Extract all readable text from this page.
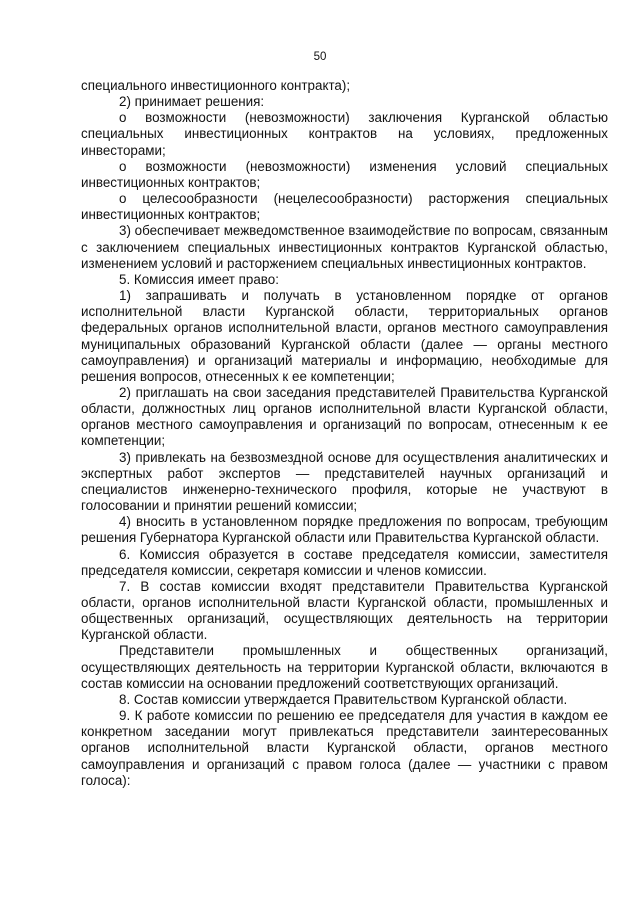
50

специального инвестиционного контракта);

2) принимает решения:

о возможности (невозможности) заключения Курганской областью специальных инвестиционных контрактов на условиях, предложенных инвесторами;

о возможности (невозможности) изменения условий специальных инвестиционных контрактов;

о целесообразности (нецелесообразности) расторжения специальных инвестиционных контрактов;

3) обеспечивает межведомственное взаимодействие по вопросам, связанным с заключением специальных инвестиционных контрактов Курганской областью, изменением условий и расторжением специальных инвестиционных контрактов.

5. Комиссия имеет право:

1) запрашивать и получать в установленном порядке от органов исполнительной власти Курганской области, территориальных органов федеральных органов исполнительной власти, органов местного самоуправления муниципальных образований Курганской области (далее — органы местного самоуправления) и организаций материалы и информацию, необходимые для решения вопросов, отнесенных к ее компетенции;

2) приглашать на свои заседания представителей Правительства Курганской области, должностных лиц органов исполнительной власти Курганской области, органов местного самоуправления и организаций по вопросам, отнесенным к ее компетенции;

3) привлекать на безвозмездной основе для осуществления аналитических и экспертных работ экспертов — представителей научных организаций и специалистов инженерно-технического профиля, которые не участвуют в голосовании и принятии решений комиссии;

4) вносить в установленном порядке предложения по вопросам, требующим решения Губернатора Курганской области или Правительства Курганской области.

6. Комиссия образуется в составе председателя комиссии, заместителя председателя комиссии, секретаря комиссии и членов комиссии.

7. В состав комиссии входят представители Правительства Курганской области, органов исполнительной власти Курганской области, промышленных и общественных организаций, осуществляющих деятельность на территории Курганской области.

Представители промышленных и общественных организаций, осуществляющих деятельность на территории Курганской области, включаются в состав комиссии на основании предложений соответствующих организаций.

8. Состав комиссии утверждается Правительством Курганской области.

9. К работе комиссии по решению ее председателя для участия в каждом ее конкретном заседании могут привлекаться представители заинтересованных органов исполнительной власти Курганской области, органов местного самоуправления и организаций с правом голоса (далее — участники с правом голоса):
